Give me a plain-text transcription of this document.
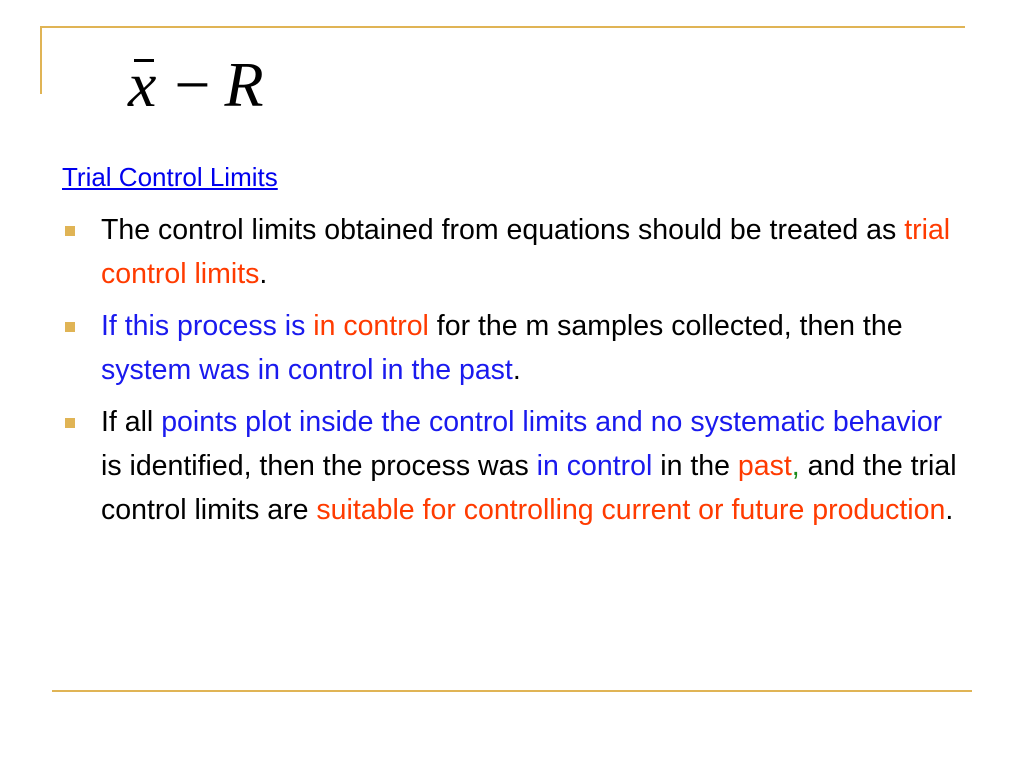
x − R
Trial Control Limits
The control limits obtained from equations should be treated as trial control limits.
If this process is in control for the m samples collected, then the system was in control in the past.
If all points plot inside the control limits and no systematic behavior is identified, then the process was in control in the past, and the trial control limits are suitable for controlling current or future production.
